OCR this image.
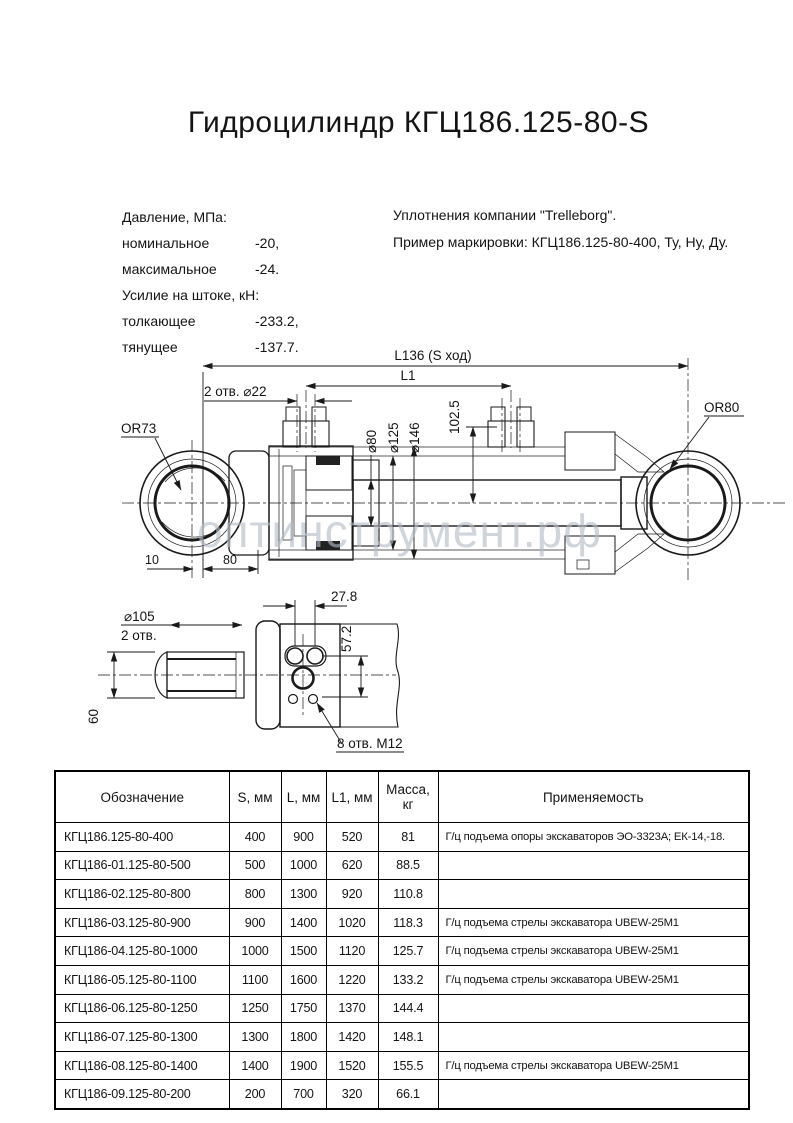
Гидроцилиндр КГЦ186.125-80-S
Давление, МПа:
номинальное	-20,
максимальное	-24.
Усилие на штоке, кН:
толкающее	-233.2,
тянущее	-137.7.
Уплотнения компании "Trelleborg".
Пример маркировки: КГЦ186.125-80-400, Ту, Ну, Ду.
L136 (S ход)
L1
2 отв. ⌀22
⌀80 ⌀125 ⌀146
102.5
OR73
OR80
10	80
оптинструмент.рф
⌀105
2 отв.
27.8
57.2
60
8 отв. М12
Обозначение	S, мм	L, мм	L1, мм	Масса, кг	Применяемость
КГЦ186.125-80-400	400	900	520	81	Г/ц подъема опоры экскаваторов ЭО-3323А; ЕК-14,-18.
КГЦ186-01.125-80-500	500	1000	620	88.5	
КГЦ186-02.125-80-800	800	1300	920	110.8	
КГЦ186-03.125-80-900	900	1400	1020	118.3	Г/ц подъема стрелы экскаватора UBEW-25М1
КГЦ186-04.125-80-1000	1000	1500	1120	125.7	Г/ц подъема стрелы экскаватора UBEW-25М1
КГЦ186-05.125-80-1100	1100	1600	1220	133.2	Г/ц подъема стрелы экскаватора UBEW-25М1
КГЦ186-06.125-80-1250	1250	1750	1370	144.4	
КГЦ186-07.125-80-1300	1300	1800	1420	148.1	
КГЦ186-08.125-80-1400	1400	1900	1520	155.5	Г/ц подъема стрелы экскаватора UBEW-25М1
КГЦ186-09.125-80-200	200	700	320	66.1	
